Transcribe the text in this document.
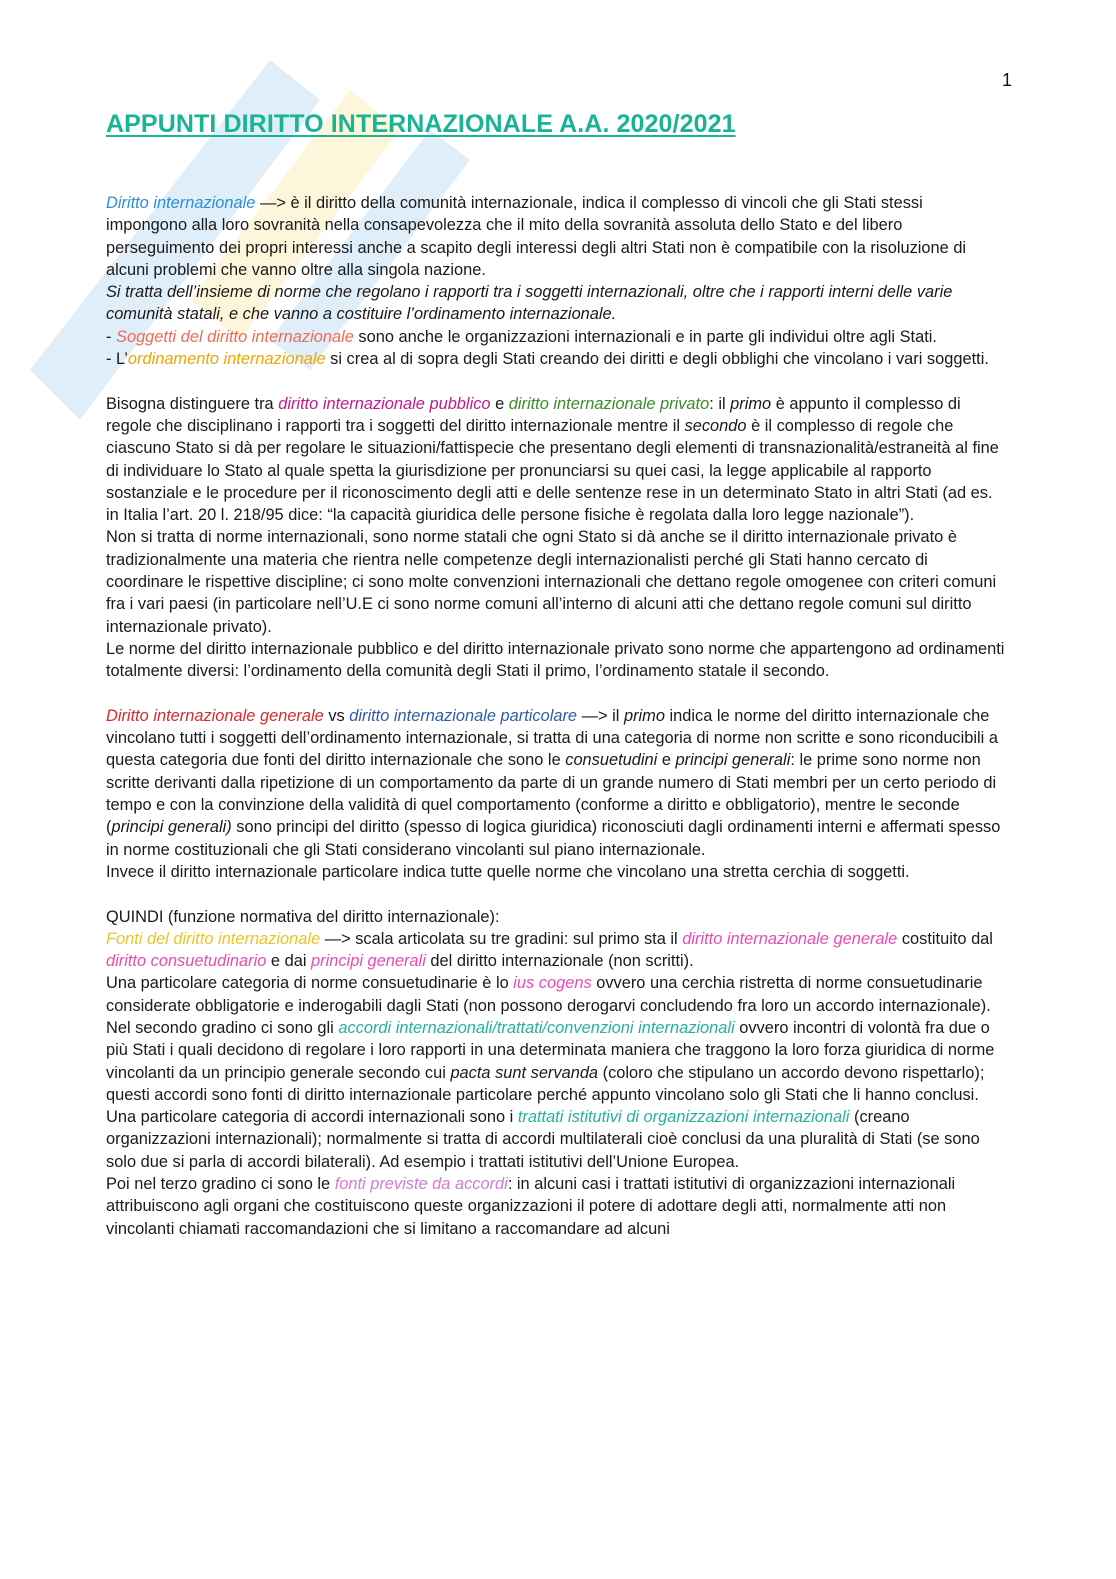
1
APPUNTI DIRITTO INTERNAZIONALE A.A. 2020/2021

Diritto internazionale —> è il diritto della comunità internazionale, indica il complesso di vincoli che gli Stati stessi impongono alla loro sovranità nella consapevolezza che il mito della sovranità assoluta dello Stato e del libero perseguimento dei propri interessi anche a scapito degli interessi degli altri Stati non è compatibile con la risoluzione di alcuni problemi che vanno oltre alla singola nazione.

Si tratta dell’insieme di norme che regolano i rapporti tra i soggetti internazionali, oltre che i rapporti interni delle varie comunità statali, e che vanno a costituire l’ordinamento internazionale.

- Soggetti del diritto internazionale sono anche le organizzazioni internazionali e in parte gli individui oltre agli Stati.

- L’ordinamento internazionale si crea al di sopra degli Stati creando dei diritti e degli obblighi che vincolano i vari soggetti.

Bisogna distinguere tra diritto internazionale pubblico e diritto internazionale privato: il primo è appunto il complesso di regole che disciplinano i rapporti tra i soggetti del diritto internazionale mentre il secondo è il complesso di regole che ciascuno Stato si dà per regolare le situazioni/fattispecie che presentano degli elementi di transnazionalità/estraneità al fine di individuare lo Stato al quale spetta la giurisdizione per pronunciarsi su quei casi, la legge applicabile al rapporto sostanziale e le procedure per il riconoscimento degli atti e delle sentenze rese in un determinato Stato in altri Stati (ad es. in Italia l’art. 20 l. 218/95 dice: “la capacità giuridica delle persone fisiche è regolata dalla loro legge nazionale”).

Non si tratta di norme internazionali, sono norme statali che ogni Stato si dà anche se il diritto internazionale privato è tradizionalmente una materia che rientra nelle competenze degli internazionalisti perché gli Stati hanno cercato di coordinare le rispettive discipline; ci sono molte convenzioni internazionali che dettano regole omogenee con criteri comuni fra i vari paesi (in particolare nell’U.E ci sono norme comuni all’interno di alcuni atti che dettano regole comuni sul diritto internazionale privato).

Le norme del diritto internazionale pubblico e del diritto internazionale privato sono norme che appartengono ad ordinamenti totalmente diversi: l’ordinamento della comunità degli Stati il primo, l’ordinamento statale il secondo.

Diritto internazionale generale vs diritto internazionale particolare —> il primo indica le norme del diritto internazionale che vincolano tutti i soggetti dell’ordinamento internazionale, si tratta di una categoria di norme non scritte e sono riconducibili a questa categoria due fonti del diritto internazionale che sono le consuetudini e principi generali: le prime sono norme non scritte derivanti dalla ripetizione di un comportamento da parte di un grande numero di Stati membri per un certo periodo di tempo e con la convinzione della validità di quel comportamento (conforme a diritto e obbligatorio), mentre le seconde (principi generali) sono principi del diritto (spesso di logica giuridica) riconosciuti dagli ordinamenti interni e affermati spesso in norme costituzionali che gli Stati considerano vincolanti sul piano internazionale.

Invece il diritto internazionale particolare indica tutte quelle norme che vincolano una stretta cerchia di soggetti.

QUINDI (funzione normativa del diritto internazionale):

Fonti del diritto internazionale —> scala articolata su tre gradini: sul primo sta il diritto internazionale generale costituito dal diritto consuetudinario e dai principi generali del diritto internazionale (non scritti).

Una particolare categoria di norme consuetudinarie è lo ius cogens ovvero una cerchia ristretta di norme consuetudinarie considerate obbligatorie e inderogabili dagli Stati (non possono derogarvi concludendo fra loro un accordo internazionale).

Nel secondo gradino ci sono gli accordi internazionali/trattati/convenzioni internazionali ovvero incontri di volontà fra due o più Stati i quali decidono di regolare i loro rapporti in una determinata maniera che traggono la loro forza giuridica di norme vincolanti da un principio generale secondo cui pacta sunt servanda (coloro che stipulano un accordo devono rispettarlo); questi accordi sono fonti di diritto internazionale particolare perché appunto vincolano solo gli Stati che li hanno conclusi.

Una particolare categoria di accordi internazionali sono i trattati istitutivi di organizzazioni internazionali (creano organizzazioni internazionali); normalmente si tratta di accordi multilaterali cioè conclusi da una pluralità di Stati (se sono solo due si parla di accordi bilaterali). Ad esempio i trattati istitutivi dell’Unione Europea.

Poi nel terzo gradino ci sono le fonti previste da accordi: in alcuni casi i trattati istitutivi di organizzazioni internazionali attribuiscono agli organi che costituiscono queste organizzazioni il potere di adottare degli atti, normalmente atti non vincolanti chiamati raccomandazioni che si limitano a raccomandare ad alcuni
